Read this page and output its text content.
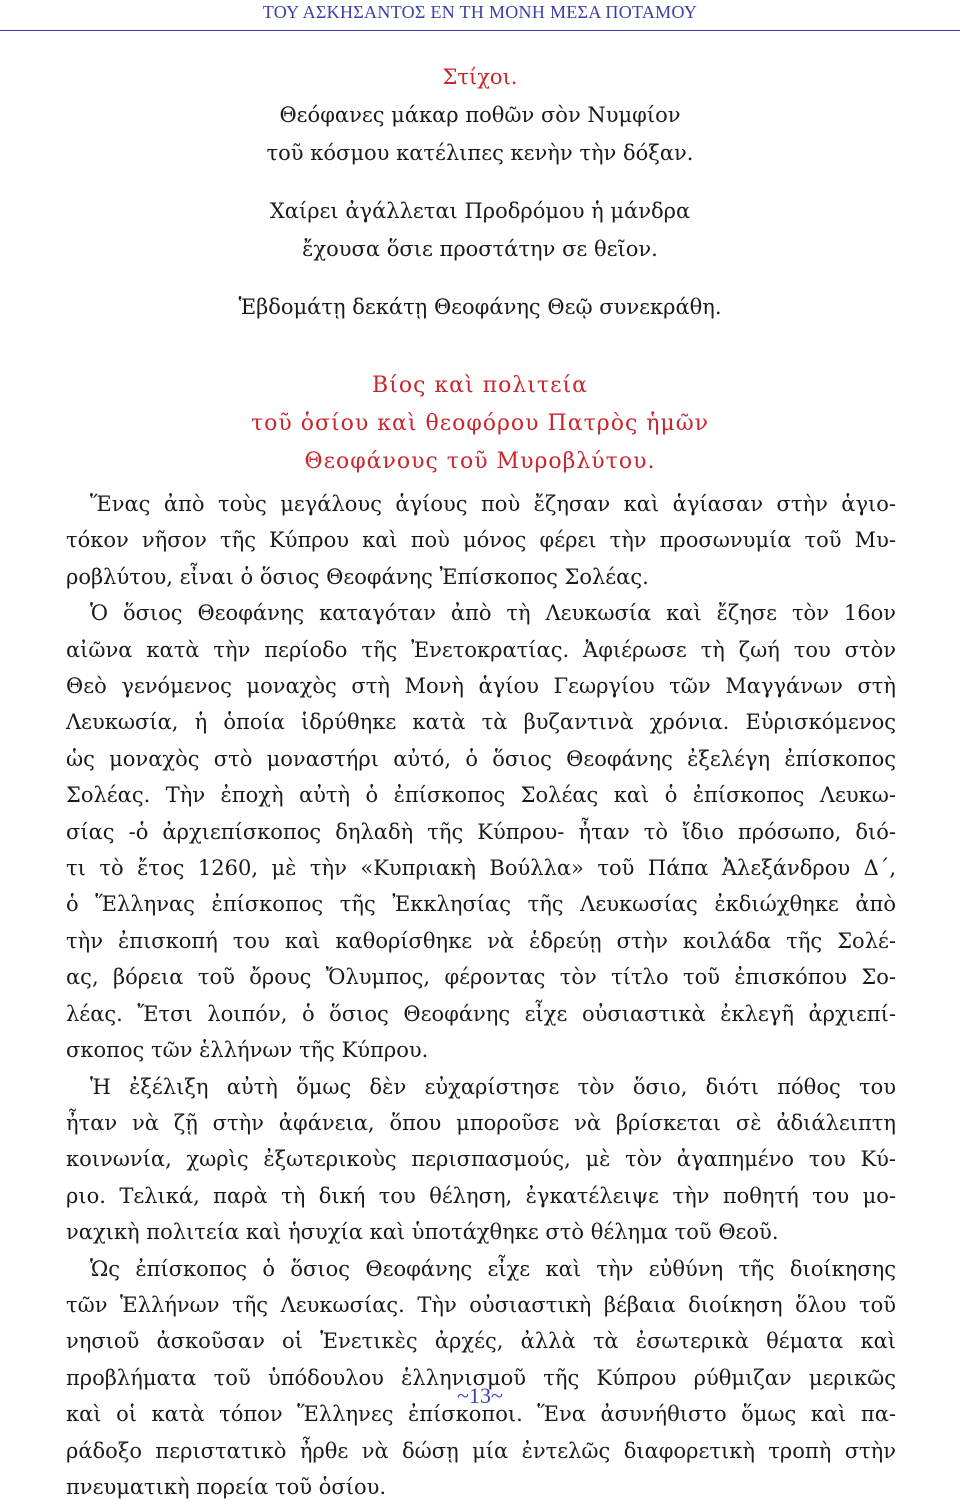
ΤΟΥ ΑΣΚΗΣΑΝΤΟΣ ΕΝ ΤΗ ΜΟΝΗ ΜΕΣΑ ΠΟΤΑΜΟΥ
Στίχοι.
Θεόφανες μάκαρ ποθῶν σὸν Νυμφίον
τοῦ κόσμου κατέλιπες κενὴν τὴν δόξαν.
Χαίρει ἀγάλλεται Προδρόμου ἡ μάνδρα
ἔχουσα ὅσιε προστάτην σε θεῖον.
Ἑβδομάτῃ δεκάτῃ Θεοφάνης Θεῷ συνεκράθη.
Βίος καὶ πολιτεία
τοῦ ὁσίου καὶ θεοφόρου Πατρὸς ἡμῶν
Θεοφάνους τοῦ Μυροβλύτου.
Ἕνας ἀπὸ τοὺς μεγάλους ἁγίους ποὺ ἔζησαν καὶ ἁγίασαν στὴν ἁγιο-
τόκον νῆσον τῆς Κύπρου καὶ ποὺ μόνος φέρει τὴν προσωνυμία τοῦ Μυ-
ροβλύτου, εἶναι ὁ ὅσιος Θεοφάνης Ἐπίσκοπος Σολέας.
Ὁ ὅσιος Θεοφάνης καταγόταν ἀπὸ τὴ Λευκωσία καὶ ἔζησε τὸν 16ον
αἰῶνα κατὰ τὴν περίοδο τῆς Ἐνετοκρατίας. Ἀφιέρωσε τὴ ζωή του στὸν
Θεὸ γενόμενος μοναχὸς στὴ Μονὴ ἁγίου Γεωργίου τῶν Μαγγάνων στὴ
Λευκωσία, ἡ ὁποία ἱδρύθηκε κατὰ τὰ βυζαντινὰ χρόνια. Εὑρισκόμενος
ὡς μοναχὸς στὸ μοναστήρι αὐτό, ὁ ὅσιος Θεοφάνης ἐξελέγη ἐπίσκοπος
Σολέας. Τὴν ἐποχὴ αὐτὴ ὁ ἐπίσκοπος Σολέας καὶ ὁ ἐπίσκοπος Λευκω-
σίας -ὁ ἀρχιεπίσκοπος δηλαδὴ τῆς Κύπρου- ἦταν τὸ ἴδιο πρόσωπο, διό-
τι τὸ ἔτος 1260, μὲ τὴν «Κυπριακὴ Βούλλα» τοῦ Πάπα Ἀλεξάνδρου Δ΄,
ὁ Ἕλληνας ἐπίσκοπος τῆς Ἐκκλησίας τῆς Λευκωσίας ἐκδιώχθηκε ἀπὸ
τὴν ἐπισκοπή του καὶ καθορίσθηκε νὰ ἑδρεύῃ στὴν κοιλάδα τῆς Σολέ-
ας, βόρεια τοῦ ὄρους Ὄλυμπος, φέροντας τὸν τίτλο τοῦ ἐπισκόπου Σο-
λέας. Ἔτσι λοιπόν, ὁ ὅσιος Θεοφάνης εἶχε οὐσιαστικὰ ἐκλεγῆ ἀρχιεπί-
σκοπος τῶν ἑλλήνων τῆς Κύπρου.
Ἡ ἐξέλιξη αὐτὴ ὅμως δὲν εὐχαρίστησε τὸν ὅσιο, διότι πόθος του
ἦταν νὰ ζῇ στὴν ἀφάνεια, ὅπου μποροῦσε νὰ βρίσκεται σὲ ἀδιάλειπτη
κοινωνία, χωρὶς ἐξωτερικοὺς περισπασμούς, μὲ τὸν ἀγαπημένο του Κύ-
ριο. Τελικά, παρὰ τὴ δική του θέληση, ἐγκατέλειψε τὴν ποθητή του μο-
ναχικὴ πολιτεία καὶ ἡσυχία καὶ ὑποτάχθηκε στὸ θέλημα τοῦ Θεοῦ.
Ὡς ἐπίσκοπος ὁ ὅσιος Θεοφάνης εἶχε καὶ τὴν εὐθύνη τῆς διοίκησης
τῶν Ἑλλήνων τῆς Λευκωσίας. Τὴν οὐσιαστικὴ βέβαια διοίκηση ὅλου τοῦ
νησιοῦ ἀσκοῦσαν οἱ Ἐνετικὲς ἀρχές, ἀλλὰ τὰ ἐσωτερικὰ θέματα καὶ
προβλήματα τοῦ ὑπόδουλου ἑλληνισμοῦ τῆς Κύπρου ρύθμιζαν μερικῶς
καὶ οἱ κατὰ τόπον Ἕλληνες ἐπίσκοποι. Ἕνα ἀσυνήθιστο ὅμως καὶ πα-
ράδοξο περιστατικὸ ἦρθε νὰ δώσῃ μία ἐντελῶς διαφορετικὴ τροπὴ στὴν
πνευματικὴ πορεία τοῦ ὁσίου.
~13~
